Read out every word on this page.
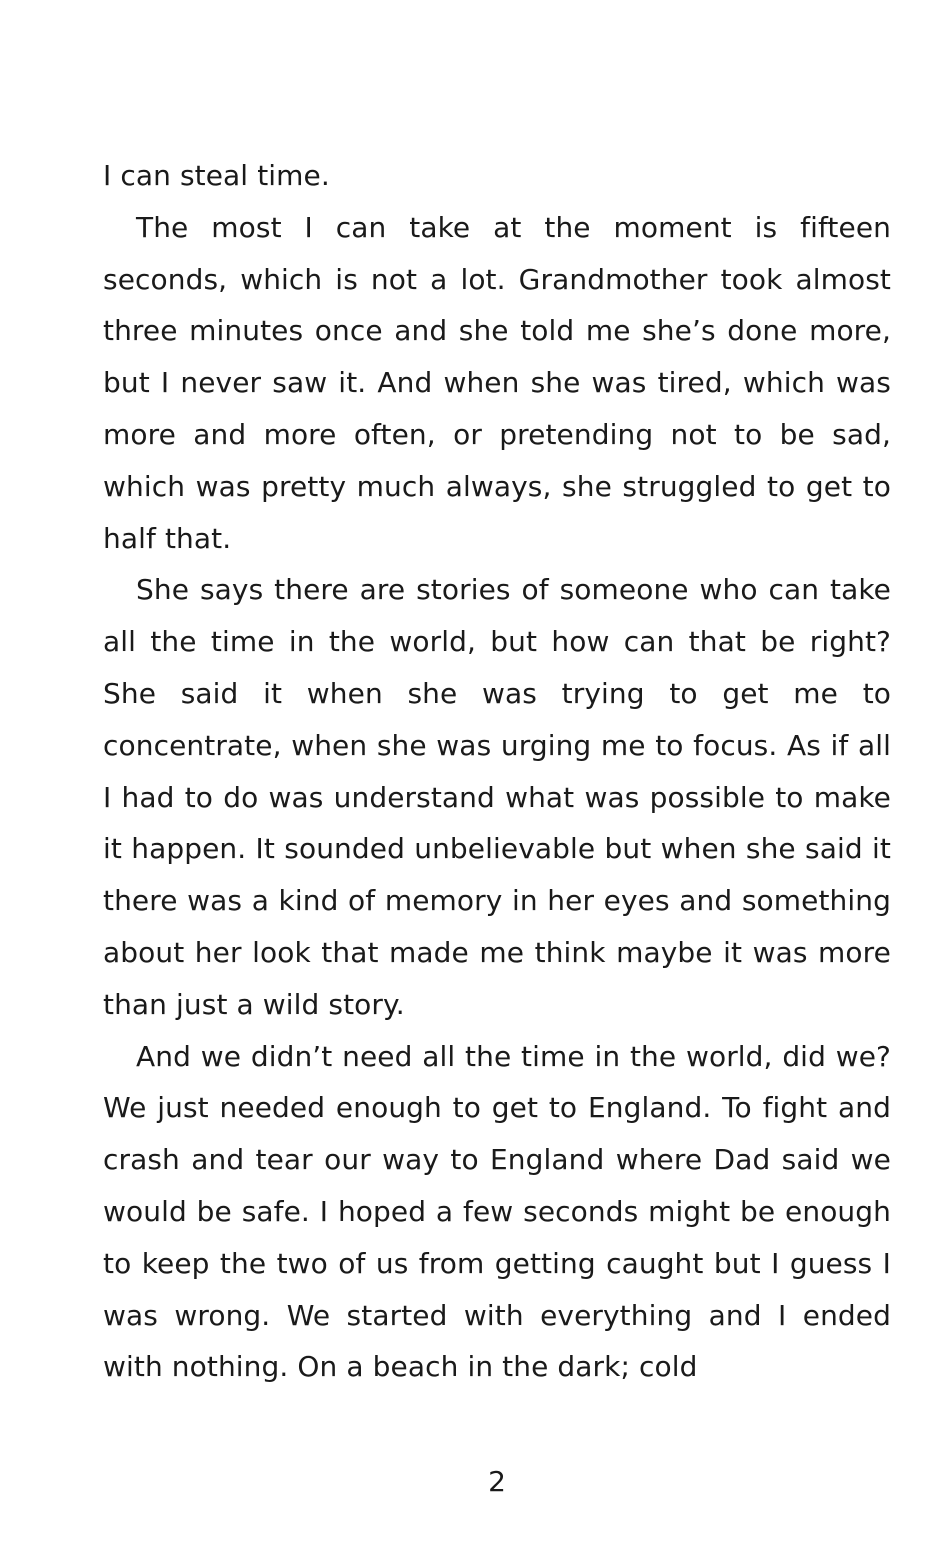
I can steal time.

The most I can take at the moment is fifteen seconds, which is not a lot. Grandmother took almost three minutes once and she told me she’s done more, but I never saw it. And when she was tired, which was more and more often, or pretending not to be sad, which was pretty much always, she struggled to get to half that.

She says there are stories of someone who can take all the time in the world, but how can that be right? She said it when she was trying to get me to concentrate, when she was urging me to focus. As if all I had to do was understand what was possible to make it happen. It sounded unbelievable but when she said it there was a kind of memory in her eyes and something about her look that made me think maybe it was more than just a wild story.

And we didn’t need all the time in the world, did we? We just needed enough to get to England. To fight and crash and tear our way to England where Dad said we would be safe. I hoped a few seconds might be enough to keep the two of us from getting caught but I guess I was wrong. We started with everything and I ended with nothing. On a beach in the dark; cold

2
